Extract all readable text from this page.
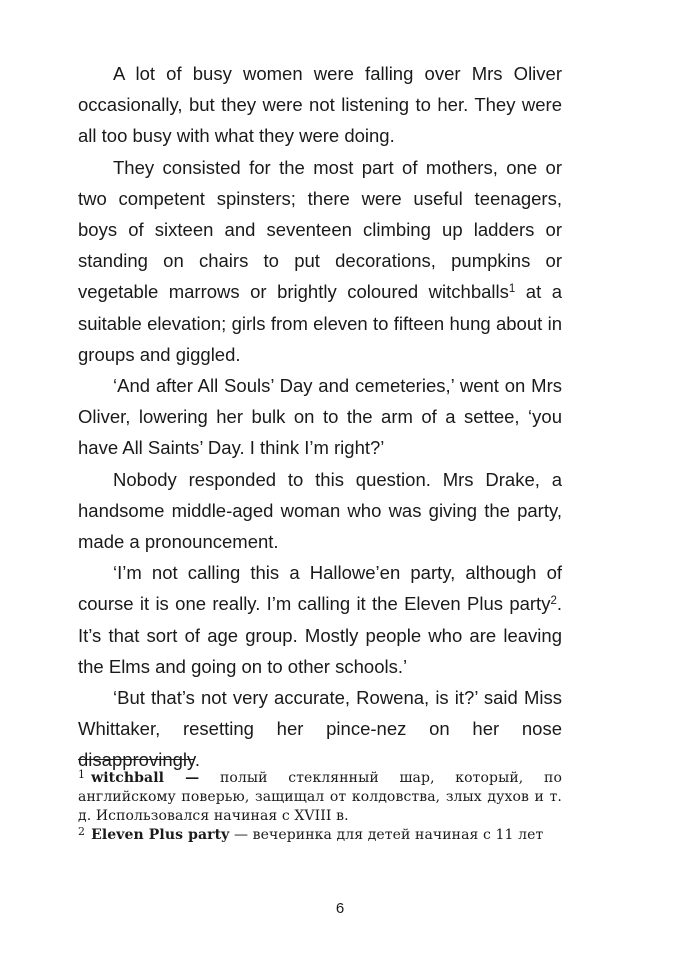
A lot of busy women were falling over Mrs Oliver occasionally, but they were not listening to her. They were all too busy with what they were doing.

They consisted for the most part of mothers, one or two competent spinsters; there were useful teenagers, boys of sixteen and seventeen climbing up ladders or standing on chairs to put decorations, pumpkins or vegetable marrows or brightly coloured witchballs$^1$ at a suitable elevation; girls from eleven to fifteen hung about in groups and giggled.

‘And after All Souls’ Day and cemeteries,’ went on Mrs Oliver, lowering her bulk on to the arm of a settee, ‘you have All Saints’ Day. I think I’m right?’

Nobody responded to this question. Mrs Drake, a handsome middle-aged woman who was giving the party, made a pronouncement.

‘I’m not calling this a Hallowe’en party, although of course it is one really. I’m calling it the Eleven Plus party$^2$. It’s that sort of age group. Mostly people who are leaving the Elms and going on to other schools.’

‘But that’s not very accurate, Rowena, is it?’ said Miss Whittaker, resetting her pince-nez on her nose disapprovingly.

$^1$ witchball — полый стеклянный шар, который, по английскому поверью, защищал от колдовства, злых духов и т. д. Использовался начиная с XVIII в.

$^2$ Eleven Plus party — вечеринка для детей начиная с 11 лет

6
